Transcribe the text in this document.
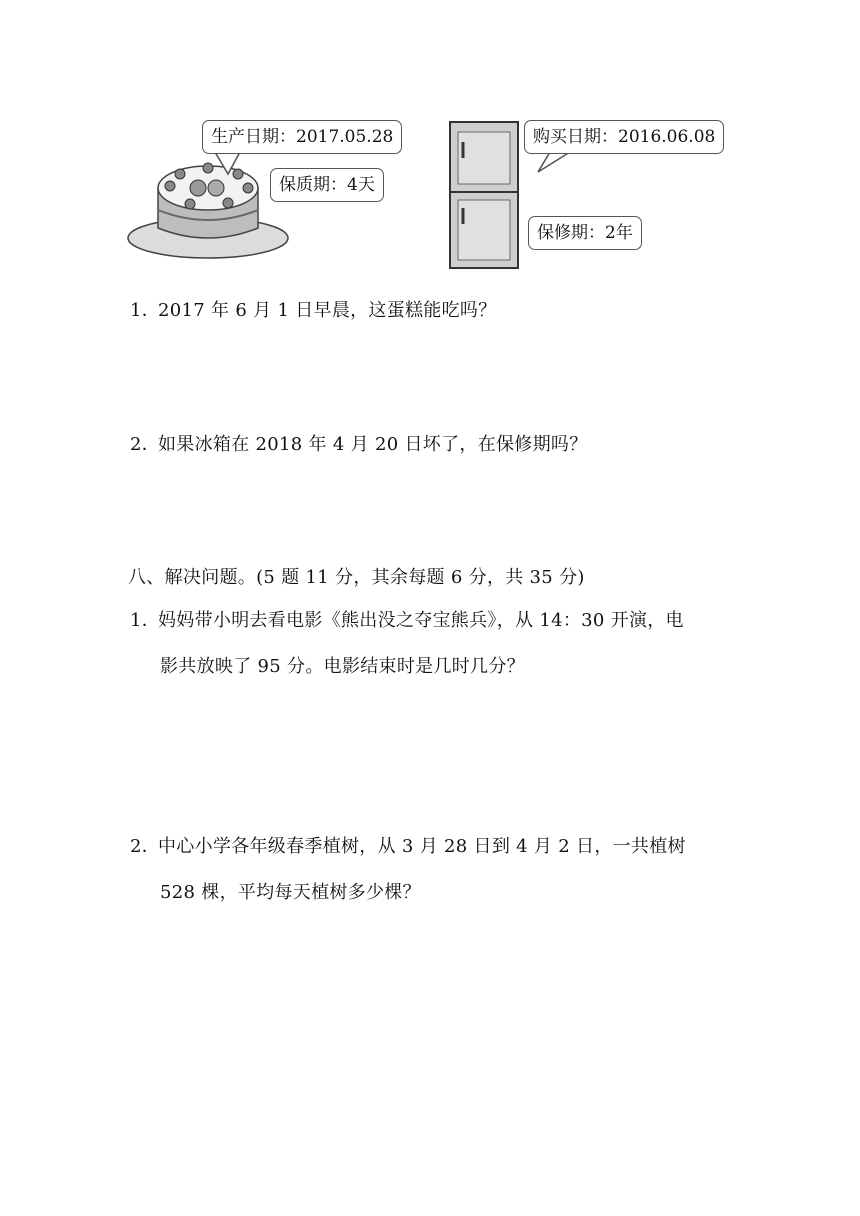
生产日期：2017.05.28
保质期：4天
购买日期：2016.06.08
保修期：2年
1．2017 年 6 月 1 日早晨，这蛋糕能吃吗？
2．如果冰箱在 2018 年 4 月 20 日坏了，在保修期吗？
八、解决问题。(5 题 11 分，其余每题 6 分，共 35 分)
1．妈妈带小明去看电影《熊出没之夺宝熊兵》，从 14：30 开演，电
影共放映了 95 分。电影结束时是几时几分？
2．中心小学各年级春季植树，从 3 月 28 日到 4 月 2 日，一共植树
528 棵，平均每天植树多少棵？
